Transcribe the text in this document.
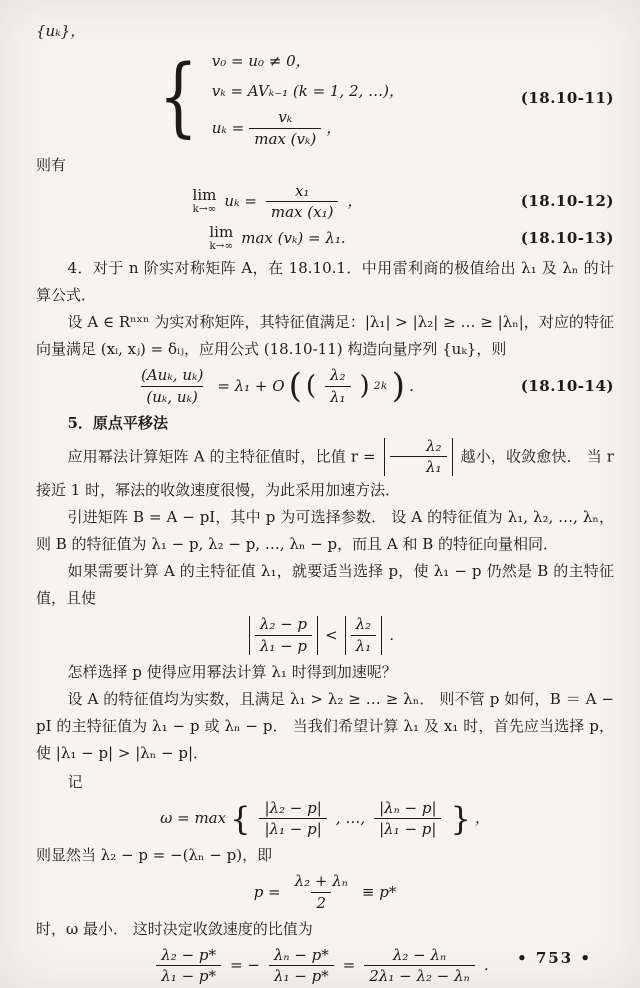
{uₖ}，

{ v₀ = u₀ ≠ 0，
vₖ = AVₖ₋₁ (k = 1, 2, …)，
$u_k = \frac{\text{vₖ}}{\text{max (vₖ)}}$ ，
(18.10-11)

则有

lim
k→∞ $u_k = \frac{\text{x₁}}{\text{max (x₁)}}$ ，	(18.10-12)
lim
k→∞ max (vₖ) = λ₁.	(18.10-13)

4．对于 n 阶实对称矩阵 A，在 18.10.1．中用雷利商的极值给出 λ₁ 及 λₙ 的计算公式．

设 A ∈ Rⁿˣⁿ 为实对称矩阵，其特征值满足：|λ₁| > |λ₂| ≥ … ≥ |λₙ|，对应的特征向量满足 (xᵢ, xⱼ) = δᵢⱼ，应用公式 (18.10-11) 构造向量序列 {uₖ}，则

$\frac{\text{(Auₖ, uₖ)}}{\text{(uₖ, uₖ)}} = \lambda_1 + O$ ( ( $\frac{\text{λ₂}}{\text{λ₁}}$ ) 2k ) ．	(18.10-14)

5．原点平移法

应用幂法计算矩阵 A 的主特征值时，比值 $r = \frac{\text{λ₂}}{\text{λ₁}}$ 越小，收敛愈快． 当 r 接近 1 时，幂法的收敛速度很慢，为此采用加速方法．

引进矩阵 B = A − pI，其中 p 为可选择参数． 设 A 的特征值为 λ₁, λ₂, …, λₙ，则 B 的特征值为 λ₁ − p, λ₂ − p, …, λₙ − p，而且 A 和 B 的特征向量相同．

如果需要计算 A 的主特征值 λ₁，就要适当选择 p，使 λ₁ − p 仍然是 B 的主特征值，且使

$\frac{\text{λ₂ − p}}{\text{λ₁ − p}} < \frac{\text{λ₂}}{\text{λ₁}}$ ．

怎样选择 p 使得应用幂法计算 λ₁ 时得到加速呢？

设 A 的特征值均为实数，且满足 λ₁ > λ₂ ≥ … ≥ λₙ． 则不管 p 如何，B ＝ A − pI 的主特征值为 λ₁ − p 或 λₙ − p． 当我们希望计算 λ₁ 及 x₁ 时，首先应当选择 p，使 |λ₁ − p| > |λₙ − p|．

记

ω = max { $\frac{\text{|λ₂ − p|}}{\text{|λ₁ − p|}}$ , …, $\frac{\text{|λₙ − p|}}{\text{|λ₁ − p|}}$ } ，

则显然当 λ₂ − p = −(λₙ − p)，即

$p = \frac{\text{λ₂ + λₙ}}{2} \equiv p*$

时，ω 最小． 这时决定收敛速度的比值为

$\frac{\text{λ₂ − p*}}{\text{λ₁ − p*}}$ = − $\frac{\text{λₙ − p*}}{\text{λ₁ − p*}} = \frac{\text{λ₂ − λₙ}}{\text{2λ₁ − λ₂ − λₙ}}$ ． • 753 •
